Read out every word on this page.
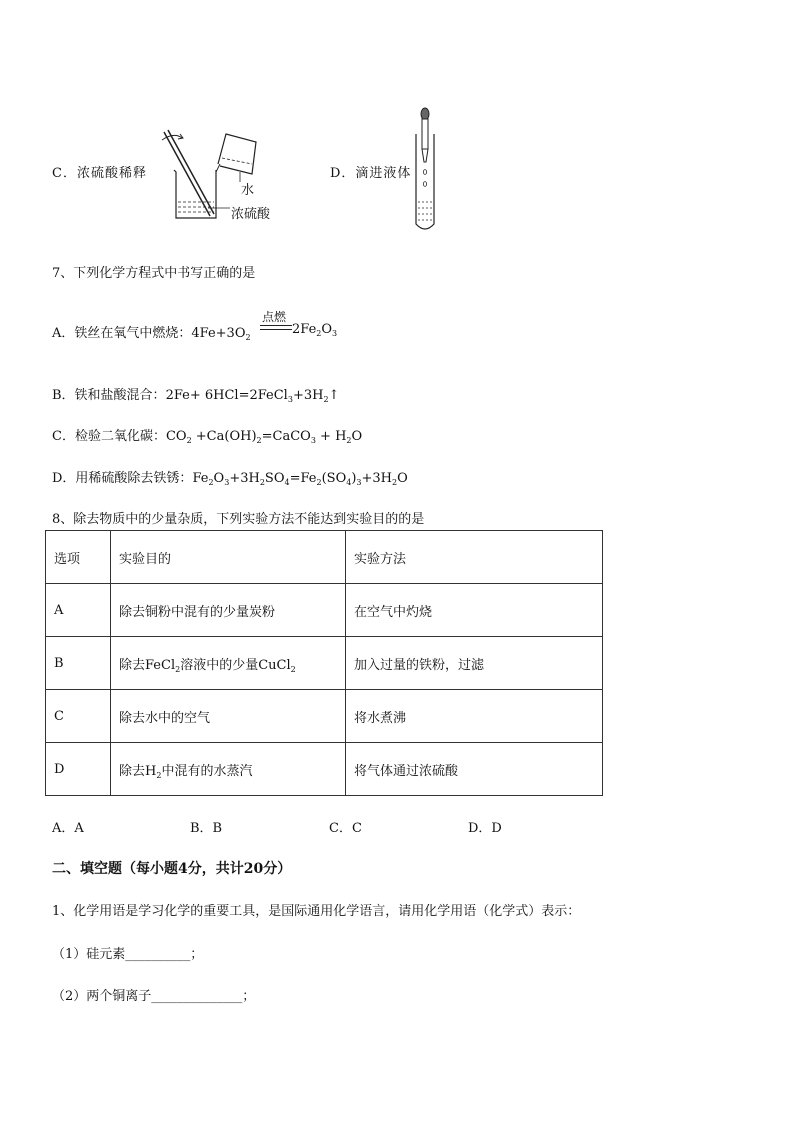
C．浓硫酸稀释
水
浓硫酸
D．滴进液体
7、下列化学方程式中书写正确的是
A．铁丝在氧气中燃烧：$4Fe+3O_2$
点燃
$2Fe_2O_3$
B．铁和盐酸混合：$2Fe+ 6HCl=2FeCl_3+3H_2↑$
C．检验二氧化碳：$CO_2$ $+Ca(OH)_2=CaCO_3 + H_2O$
D．用稀硫酸除去铁锈：$Fe_2O_3+3H_2SO_4=Fe_2(SO_4)_3+3H_2O$
8、除去物质中的少量杂质，下列实验方法不能达到实验目的的是
选项	实验目的	实验方法
A	除去铜粉中混有的少量炭粉	在空气中灼烧
B	除去FeCl$_2$溶液中的少量CuCl$_2$	加入过量的铁粉，过滤
C	除去水中的空气	将水煮沸
D	除去$H_2$中混有的水蒸汽	将气体通过浓硫酸
A．A	B．B	C．C	D．D
二、填空题（每小题4分，共计20分）
1、化学用语是学习化学的重要工具，是国际通用化学语言，请用化学用语（化学式）表示：
（1）硅元素__________；
（2）两个铜离子______________；
